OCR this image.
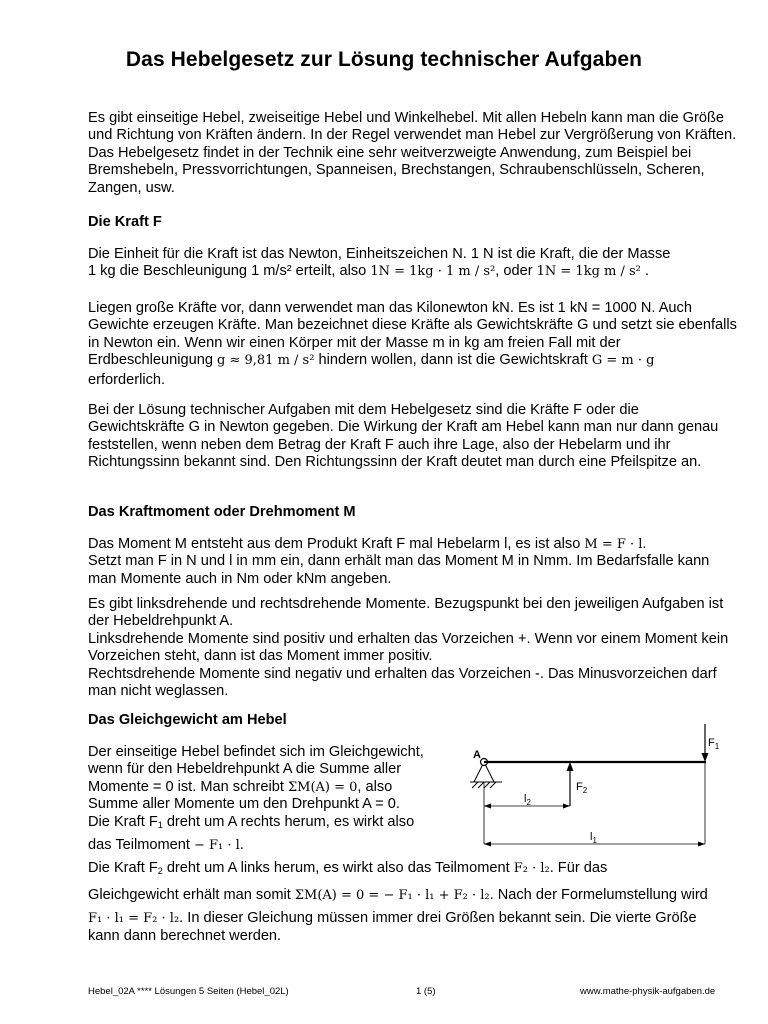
Das Hebelgesetz zur Lösung technischer Aufgaben
Es gibt einseitige Hebel, zweiseitige Hebel und Winkelhebel. Mit allen Hebeln kann man die Größe und Richtung von Kräften ändern. In der Regel verwendet man Hebel zur Vergrößerung von Kräften. Das Hebelgesetz findet in der Technik eine sehr weitverzweigte Anwendung, zum Beispiel bei Bremshebeln, Pressvorrichtungen, Spanneisen, Brechstangen, Schraubenschlüsseln, Scheren, Zangen, usw.
Die Kraft F
Die Einheit für die Kraft ist das Newton, Einheitszeichen N. 1 N ist die Kraft, die der Masse
1 kg die Beschleunigung 1 m/s² erteilt, also 1N = 1kg · 1 m / s², oder 1N = 1kg m / s² .
Liegen große Kräfte vor, dann verwendet man das Kilonewton kN. Es ist 1 kN = 1000 N. Auch Gewichte erzeugen Kräfte. Man bezeichnet diese Kräfte als Gewichtskräfte G und setzt sie ebenfalls in Newton ein. Wenn wir einen Körper mit der Masse m in kg am freien Fall mit der Erdbeschleunigung g ≈ 9,81 m / s² hindern wollen, dann ist die Gewichtskraft G = m · g
erforderlich.
Bei der Lösung technischer Aufgaben mit dem Hebelgesetz sind die Kräfte F oder die Gewichtskräfte G in Newton gegeben. Die Wirkung der Kraft am Hebel kann man nur dann genau feststellen, wenn neben dem Betrag der Kraft F auch ihre Lage, also der Hebelarm und ihr Richtungssinn bekannt sind. Den Richtungssinn der Kraft deutet man durch eine Pfeilspitze an.
Das Kraftmoment oder Drehmoment M
Das Moment M entsteht aus dem Produkt Kraft F mal Hebelarm l, es ist also M = F · l.
Setzt man F in N und l in mm ein, dann erhält man das Moment M in Nmm. Im Bedarfsfalle kann man Momente auch in Nm oder kNm angeben.
Es gibt linksdrehende und rechtsdrehende Momente. Bezugspunkt bei den jeweiligen Aufgaben ist der Hebeldrehpunkt A.
Linksdrehende Momente sind positiv und erhalten das Vorzeichen +. Wenn vor einem Moment kein Vorzeichen steht, dann ist das Moment immer positiv.
Rechtsdrehende Momente sind negativ und erhalten das Vorzeichen -. Das Minusvorzeichen darf man nicht weglassen.
Das Gleichgewicht am Hebel
Der einseitige Hebel befindet sich im Gleichgewicht,
wenn für den Hebeldrehpunkt A die Summe aller
Momente = 0 ist. Man schreibt ΣM(A) = 0, also
Summe aller Momente um den Drehpunkt A = 0.
Die Kraft $F_1$ dreht um A rechts herum, es wirkt also
das Teilmoment − F₁ · l.
Die Kraft $F_2$ dreht um A links herum, es wirkt also das Teilmoment F₂ · l₂. Für das
Gleichgewicht erhält man somit ΣM(A) = 0 = − F₁ · l₁ + F₂ · l₂. Nach der Formelumstellung wird
F₁ · l₁ = F₂ · l₂. In dieser Gleichung müssen immer drei Größen bekannt sein. Die vierte Größe
kann dann berechnet werden.
A
$F_1$
$F_2$
$l_2$
$l_1$
Hebel_02A **** Lösungen 5 Seiten (Hebel_02L)	1 (5)	www.mathe-physik-aufgaben.de
